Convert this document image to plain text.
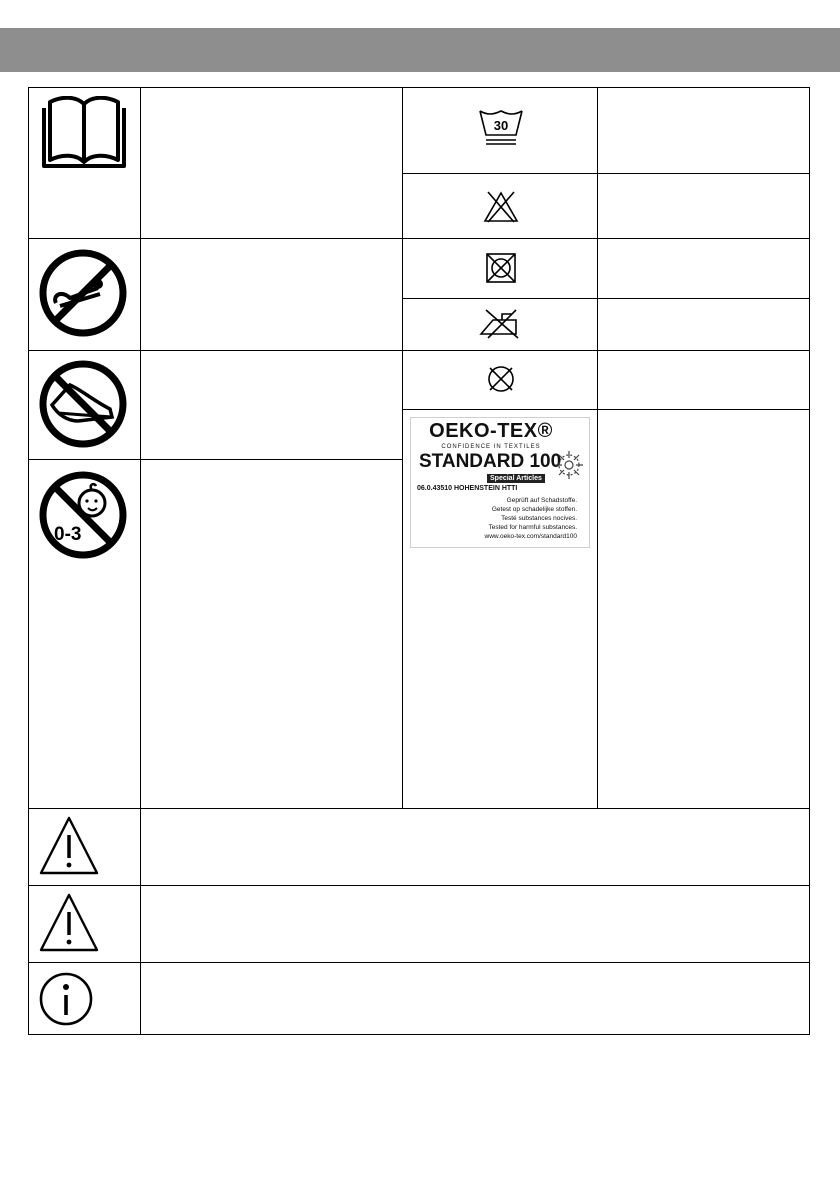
30
0-3
OEKO-TEX®
CONFIDENCE IN TEXTILES
STANDARD 100
Special Articles
06.0.43510 HOHENSTEIN HTTI
Geprüft auf Schadstoffe.
Getest op schadelijke stoffen.
Testé substances nocives.
Tested for harmful substances.
www.oeko-tex.com/standard100
